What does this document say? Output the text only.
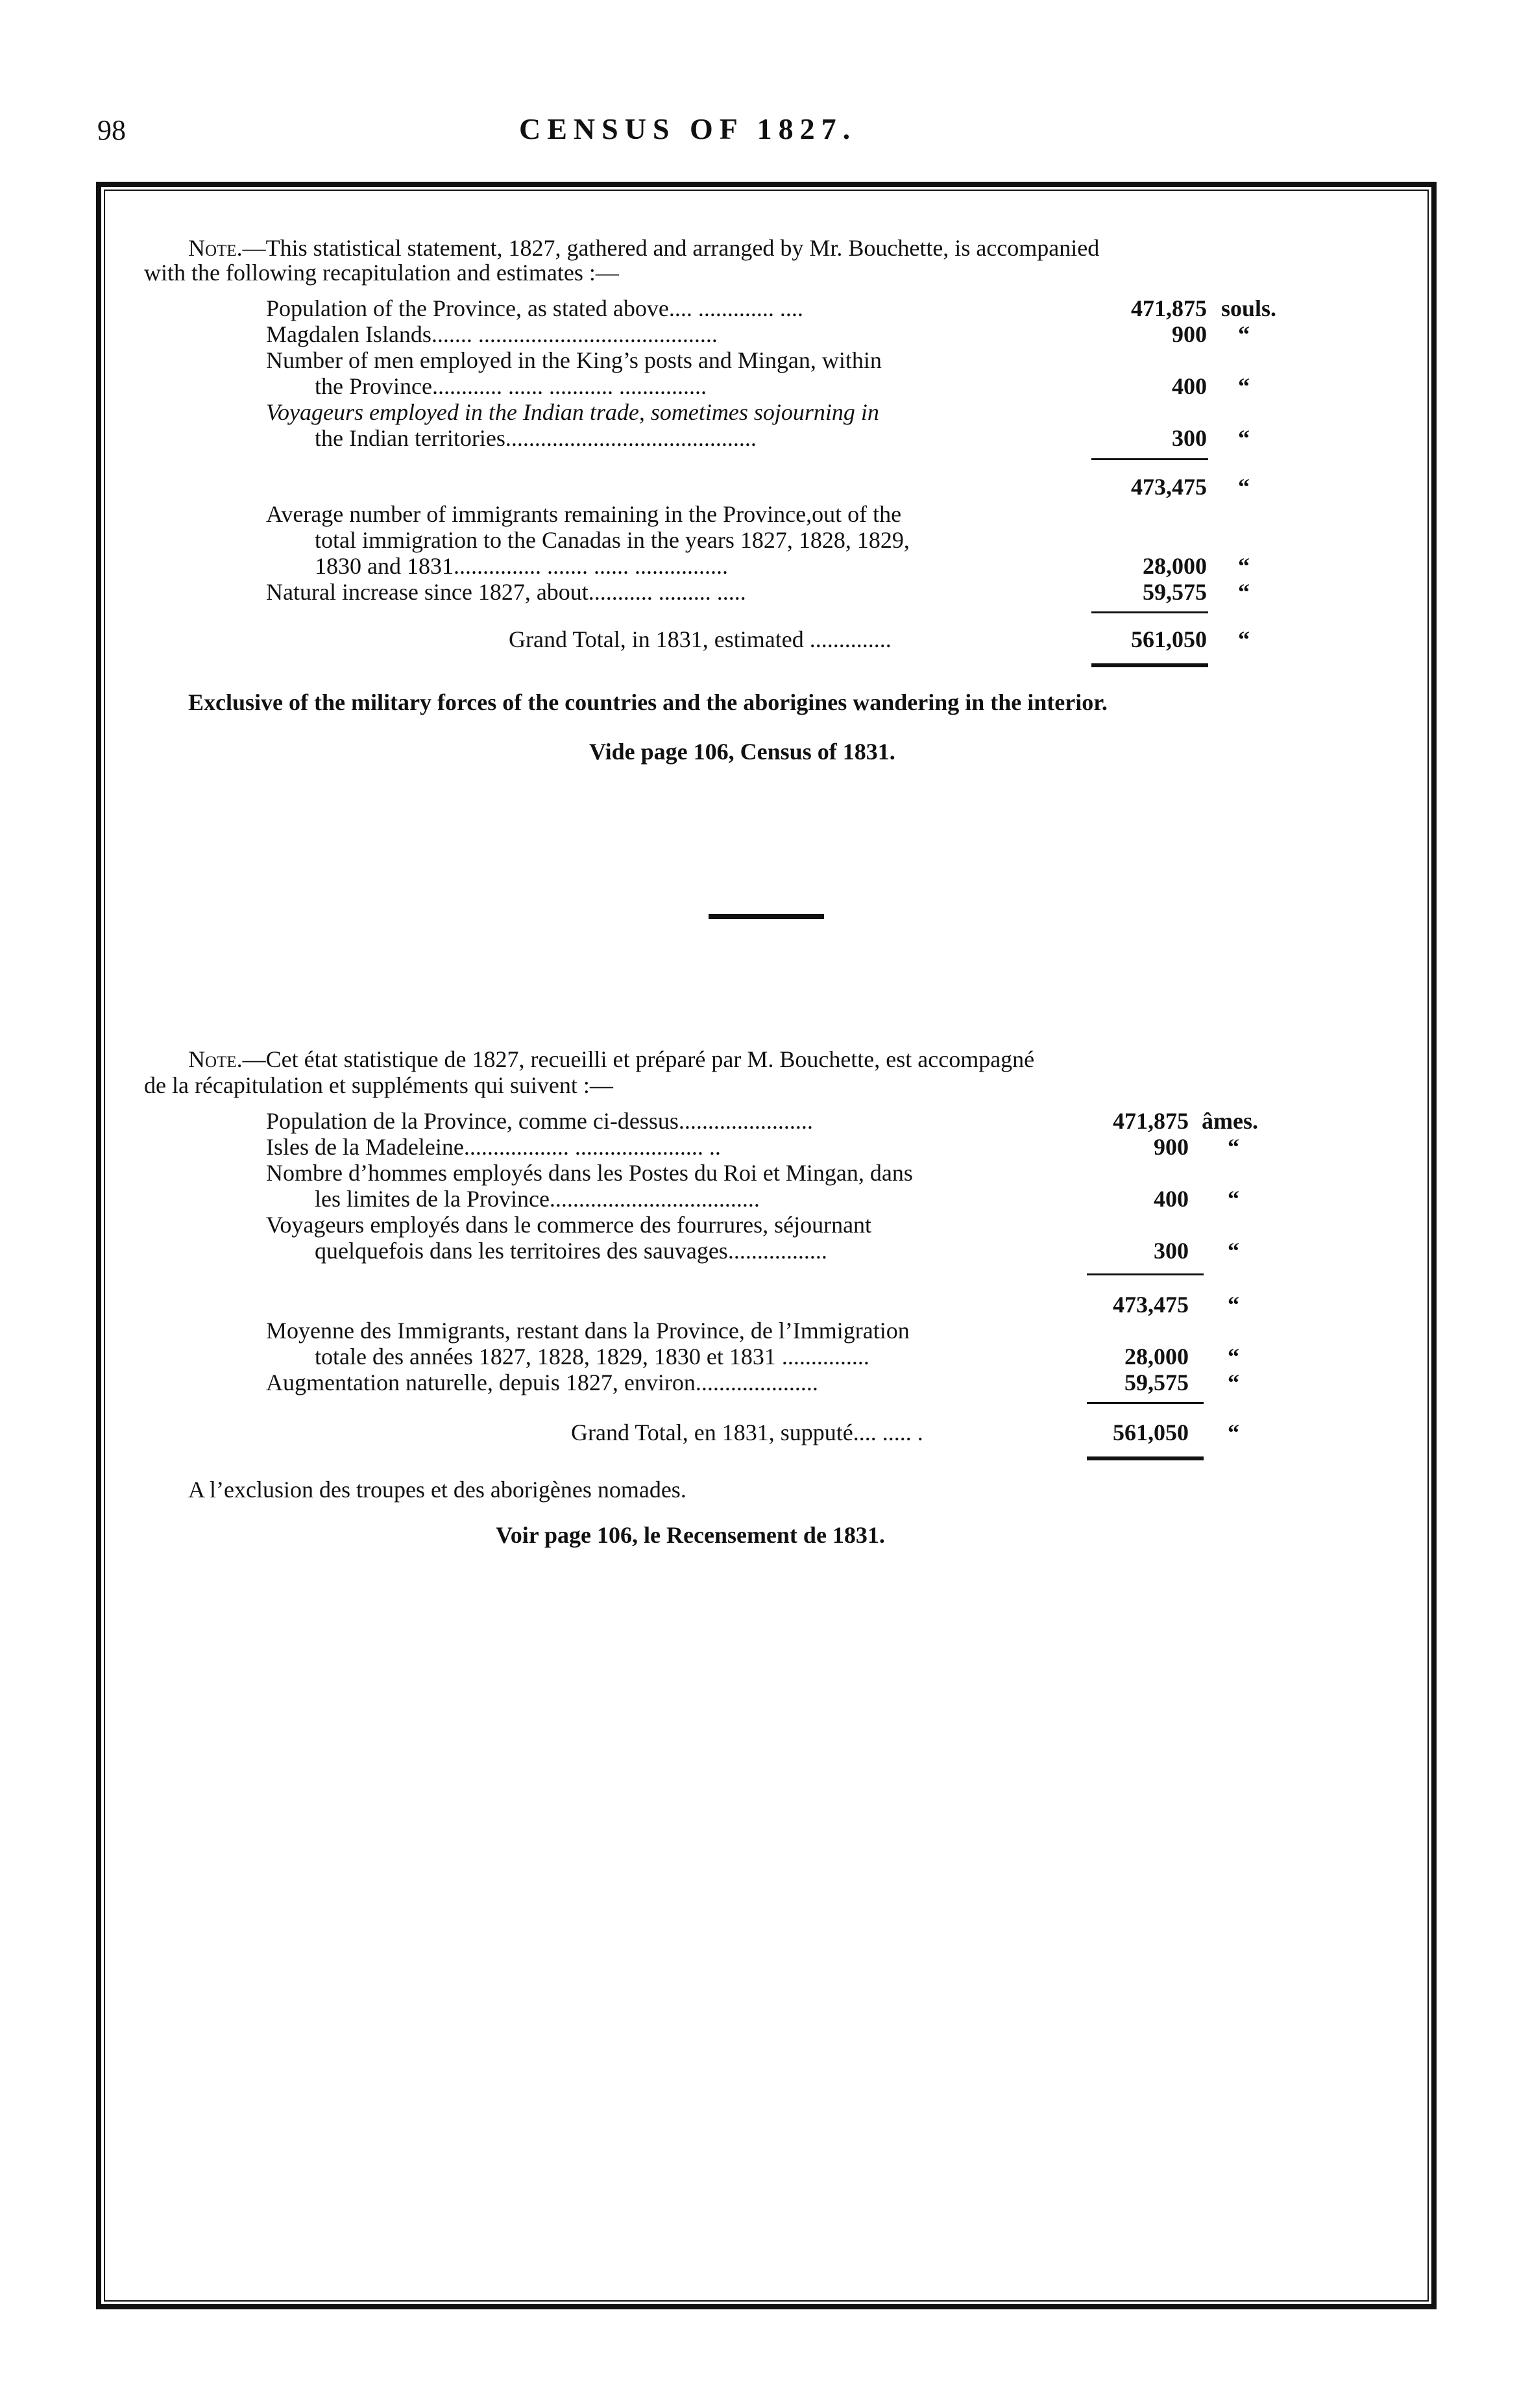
98	CENSUS OF 1827.
Note.—This statistical statement, 1827, gathered and arranged by Mr. Bouchette, is accompanied
with the following recapitulation and estimates :—
Population of the Province, as stated above.... ............. ....	471,875 souls.
Magdalen Islands....... .........................................	900 “
Number of men employed in the King’s posts and Mingan, within
the Province............ ...... ........... ...............	400 “
Voyageurs employed in the Indian trade, sometimes sojourning in
the Indian territories...........................................	300 “
473,475 “
Average number of immigrants remaining in the Province,out of the
total immigration to the Canadas in the years 1827, 1828, 1829,
1830 and 1831............... ....... ...... ................	28,000 “
Natural increase since 1827, about........... ......... .....	59,575 “
Grand Total, in 1831, estimated ..............	561,050 “
Exclusive of the military forces of the countries and the aborigines wandering in the interior.
Vide page 106, Census of 1831.
Note.—Cet état statistique de 1827, recueilli et préparé par M. Bouchette, est accompagné
de la récapitulation et suppléments qui suivent :—
Population de la Province, comme ci-dessus.......................	471,875 âmes.
Isles de la Madeleine.................. ...................... ..	900 “
Nombre d’hommes employés dans les Postes du Roi et Mingan, dans
les limites de la Province....................................	400 “
Voyageurs employés dans le commerce des fourrures, séjournant
quelquefois dans les territoires des sauvages.................	300 “
473,475 “
Moyenne des Immigrants, restant dans la Province, de l’Immigration
totale des années 1827, 1828, 1829, 1830 et 1831 ...............	28,000 “
Augmentation naturelle, depuis 1827, environ.....................	59,575 “
Grand Total, en 1831, supputé.... ..... .	561,050 “
A l’exclusion des troupes et des aborigènes nomades.
Voir page 106, le Recensement de 1831.
